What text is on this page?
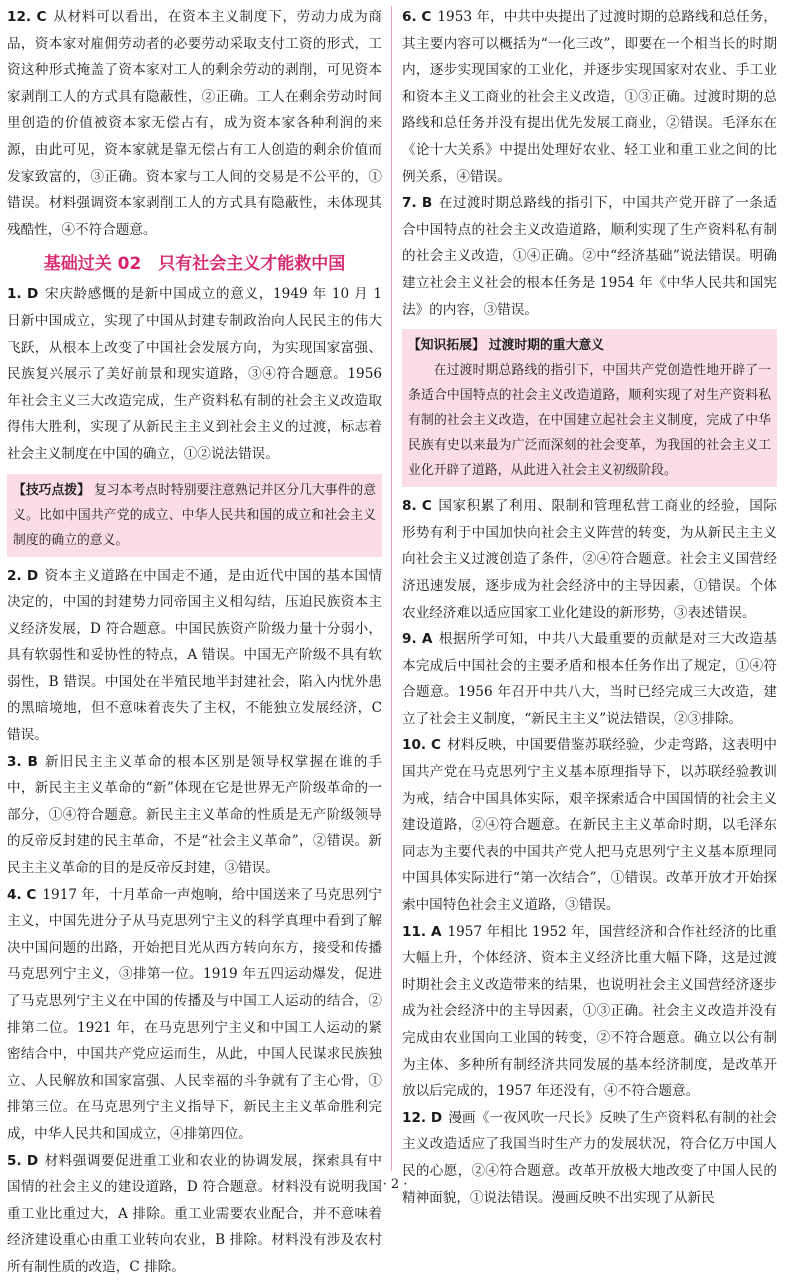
12. C 从材料可以看出，在资本主义制度下，劳动力成为商品，资本家对雇佣劳动者的必要劳动采取支付工资的形式，工资这种形式掩盖了资本家对工人的剩余劳动的剥削，可见资本家剥削工人的方式具有隐蔽性，②正确。工人在剩余劳动时间里创造的价值被资本家无偿占有，成为资本家各种利润的来源，由此可见，资本家就是靠无偿占有工人创造的剩余价值而发家致富的，③正确。资本家与工人间的交易是不公平的，①错误。材料强调资本家剥削工人的方式具有隐蔽性，未体现其残酷性，④不符合题意。

基础过关 02　只有社会主义才能救中国

1. D 宋庆龄感慨的是新中国成立的意义，1949 年 10 月 1 日新中国成立，实现了中国从封建专制政治向人民民主的伟大飞跃，从根本上改变了中国社会发展方向，为实现国家富强、民族复兴展示了美好前景和现实道路，③④符合题意。1956 年社会主义三大改造完成，生产资料私有制的社会主义改造取得伟大胜利，实现了从新民主主义到社会主义的过渡，标志着社会主义制度在中国的确立，①②说法错误。

【技巧点拨】 复习本考点时特别要注意熟记并区分几大事件的意义。比如中国共产党的成立、中华人民共和国的成立和社会主义制度的确立的意义。

2. D 资本主义道路在中国走不通，是由近代中国的基本国情决定的，中国的封建势力同帝国主义相勾结，压迫民族资本主义经济发展，D 符合题意。中国民族资产阶级力量十分弱小，具有软弱性和妥协性的特点，A 错误。中国无产阶级不具有软弱性，B 错误。中国处在半殖民地半封建社会，陷入内忧外患的黑暗境地，但不意味着丧失了主权，不能独立发展经济，C 错误。

3. B 新旧民主主义革命的根本区别是领导权掌握在谁的手中，新民主主义革命的“新”体现在它是世界无产阶级革命的一部分，①④符合题意。新民主主义革命的性质是无产阶级领导的反帝反封建的民主革命，不是“社会主义革命”，②错误。新民主主义革命的目的是反帝反封建，③错误。

4. C 1917 年，十月革命一声炮响，给中国送来了马克思列宁主义，中国先进分子从马克思列宁主义的科学真理中看到了解决中国问题的出路，开始把目光从西方转向东方，接受和传播马克思列宁主义，③排第一位。1919 年五四运动爆发，促进了马克思列宁主义在中国的传播及与中国工人运动的结合，②排第二位。1921 年，在马克思列宁主义和中国工人运动的紧密结合中，中国共产党应运而生，从此，中国人民谋求民族独立、人民解放和国家富强、人民幸福的斗争就有了主心骨，①排第三位。在马克思列宁主义指导下，新民主主义革命胜利完成，中华人民共和国成立，④排第四位。

5. D 材料强调要促进重工业和农业的协调发展，探索具有中国情的社会主义的建设道路，D 符合题意。材料没有说明我国重工业比重过大，A 排除。重工业需要农业配合，并不意味着经济建设重心由重工业转向农业，B 排除。材料没有涉及农村所有制性质的改造，C 排除。

6. C 1953 年，中共中央提出了过渡时期的总路线和总任务，其主要内容可以概括为“一化三改”，即要在一个相当长的时期内，逐步实现国家的工业化，并逐步实现国家对农业、手工业和资本主义工商业的社会主义改造，①③正确。过渡时期的总路线和总任务并没有提出优先发展工商业，②错误。毛泽东在《论十大关系》中提出处理好农业、轻工业和重工业之间的比例关系，④错误。

7. B 在过渡时期总路线的指引下，中国共产党开辟了一条适合中国特点的社会主义改造道路，顺利实现了生产资料私有制的社会主义改造，①④正确。②中“经济基础”说法错误。明确建立社会主义社会的根本任务是 1954 年《中华人民共和国宪法》的内容，③错误。

【知识拓展】 过渡时期的重大意义
在过渡时期总路线的指引下，中国共产党创造性地开辟了一条适合中国特点的社会主义改造道路，顺利实现了对生产资料私有制的社会主义改造，在中国建立起社会主义制度，完成了中华民族有史以来最为广泛而深刻的社会变革，为我国的社会主义工业化开辟了道路，从此进入社会主义初级阶段。

8. C 国家积累了利用、限制和管理私营工商业的经验，国际形势有利于中国加快向社会主义阵营的转变，为从新民主主义向社会主义过渡创造了条件，②④符合题意。社会主义国营经济迅速发展，逐步成为社会经济中的主导因素，①错误。个体农业经济难以适应国家工业化建设的新形势，③表述错误。

9. A 根据所学可知，中共八大最重要的贡献是对三大改造基本完成后中国社会的主要矛盾和根本任务作出了规定，①④符合题意。1956 年召开中共八大，当时已经完成三大改造，建立了社会主义制度，“新民主主义”说法错误，②③排除。

10. C 材料反映，中国要借鉴苏联经验，少走弯路，这表明中国共产党在马克思列宁主义基本原理指导下，以苏联经验教训为戒，结合中国具体实际，艰辛探索适合中国国情的社会主义建设道路，②④符合题意。在新民主主义革命时期，以毛泽东同志为主要代表的中国共产党人把马克思列宁主义基本原理同中国具体实际进行“第一次结合”，①错误。改革开放才开始探索中国特色社会主义道路，③错误。

11. A 1957 年相比 1952 年，国营经济和合作社经济的比重大幅上升，个体经济、资本主义经济比重大幅下降，这是过渡时期社会主义改造带来的结果，也说明社会主义国营经济逐步成为社会经济中的主导因素，①③正确。社会主义改造并没有完成由农业国向工业国的转变，②不符合题意。确立以公有制为主体、多种所有制经济共同发展的基本经济制度，是改革开放以后完成的，1957 年还没有，④不符合题意。

12. D 漫画《一夜风吹一尺长》反映了生产资料私有制的社会主义改造适应了我国当时生产力的发展状况，符合亿万中国人民的心愿，②④符合题意。改革开放极大地改变了中国人民的精神面貌，①说法错误。漫画反映不出实现了从新民

· 2 ·
